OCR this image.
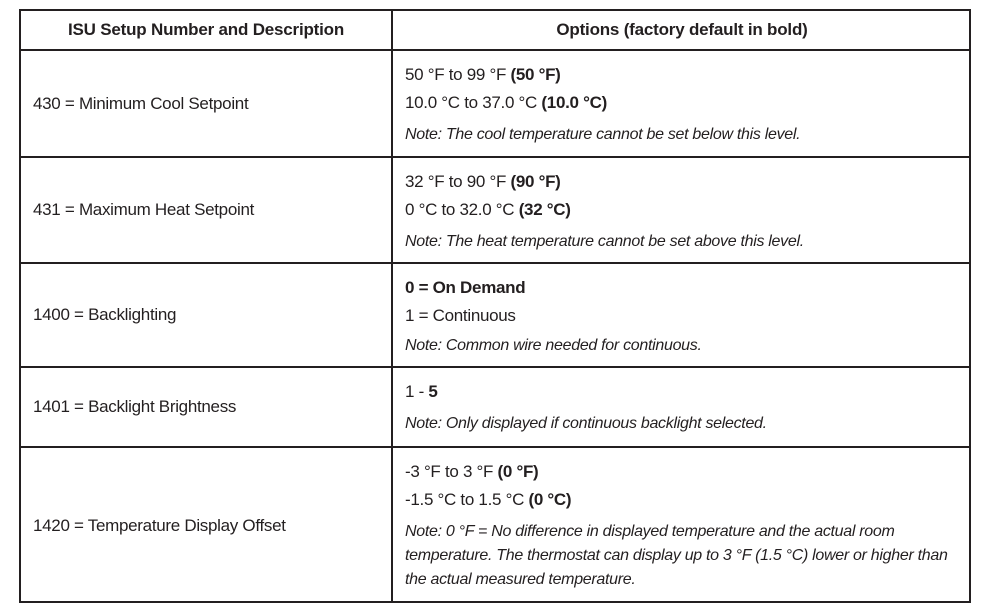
ISU Setup Number and Description	Options (factory default in bold)
430 = Minimum Cool Setpoint
50 °F to 99 °F (50 °F)
10.0 °C to 37.0 °C (10.0 °C)
Note: The cool temperature cannot be set below this level.
431 = Maximum Heat Setpoint
32 °F to 90 °F (90 °F)
0 °C to 32.0 °C (32 °C)
Note: The heat temperature cannot be set above this level.
1400 = Backlighting
0 = On Demand
1 = Continuous
Note: Common wire needed for continuous.
1401 = Backlight Brightness
1 - 5
Note: Only displayed if continuous backlight selected.
1420 = Temperature Display Offset
-3 °F to 3 °F (0 °F)
-1.5 °C to 1.5 °C (0 °C)
Note: 0 °F = No difference in displayed temperature and the actual room temperature. The thermostat can display up to 3 °F (1.5 °C) lower or higher than the actual measured temperature.
